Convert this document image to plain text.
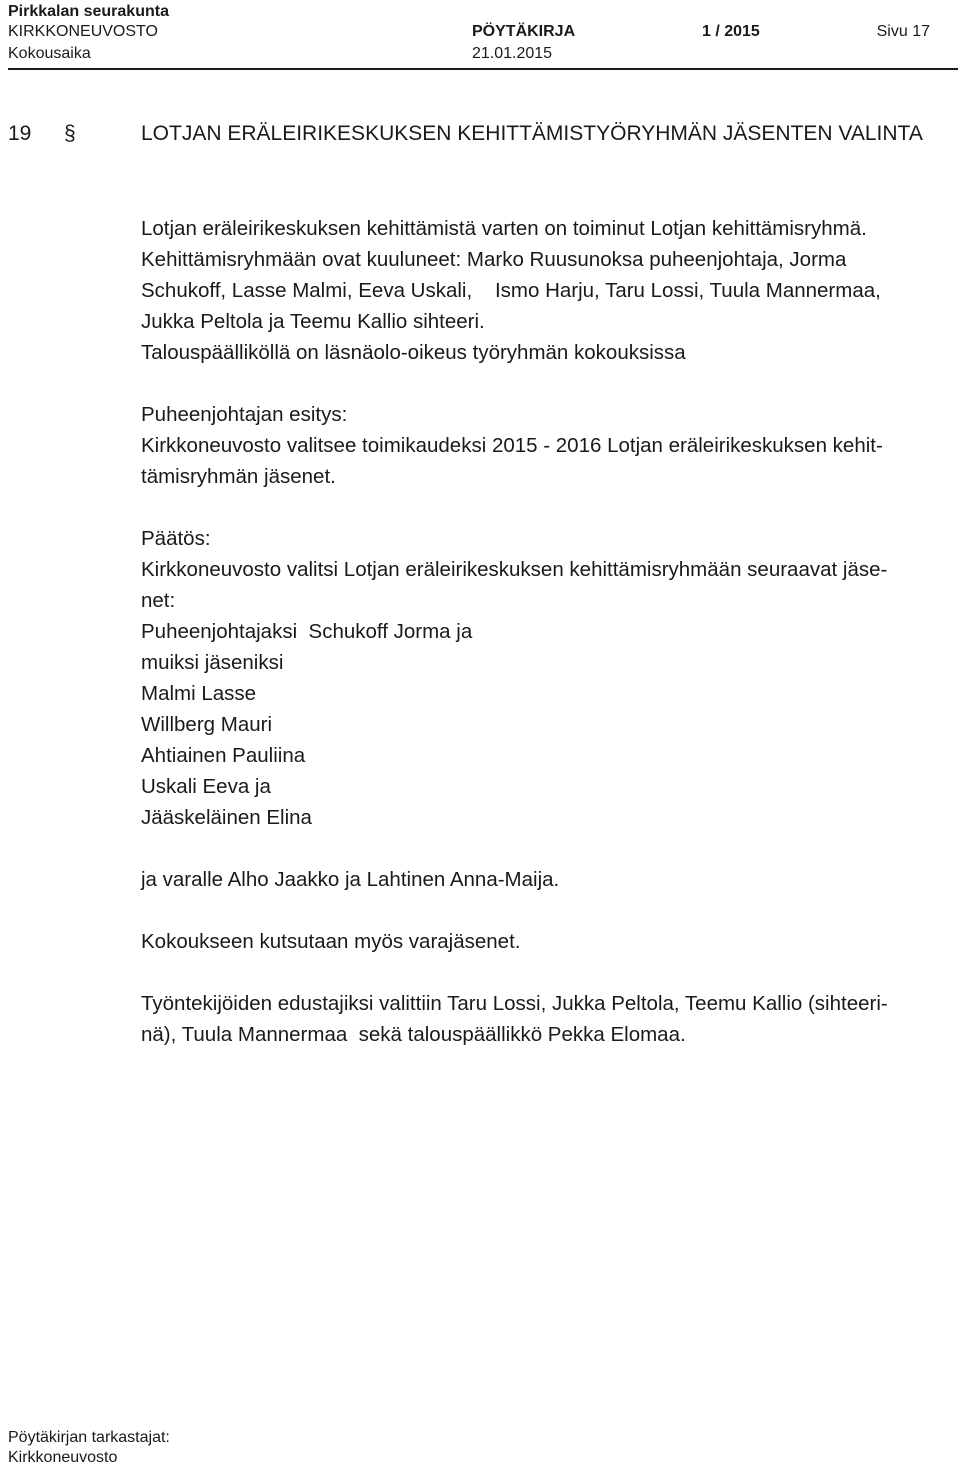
Pirkkalan seurakunta
KIRKKONEUVOSTO	PÖYTÄKIRJA	1 / 2015	Sivu 17
Kokousaika	21.01.2015
19 §	LOTJAN ERÄLEIRIKESKUKSEN KEHITTÄMISTYÖRYHMÄN JÄSENTEN VALINTA

Lotjan eräleirikeskuksen kehittämistä varten on toiminut Lotjan kehittämisryhmä.

Kehittämisryhmään ovat kuuluneet: Marko Ruusunoksa puheenjohtaja, Jorma

Schukoff, Lasse Malmi, Eeva Uskali,    Ismo Harju, Taru Lossi, Tuula Mannermaa,

Jukka Peltola ja Teemu Kallio sihteeri.

Talouspäälliköllä on läsnäolo-oikeus työryhmän kokouksissa

Puheenjohtajan esitys:

Kirkkoneuvosto valitsee toimikaudeksi 2015 - 2016 Lotjan eräleirikeskuksen kehit-

tämisryhmän jäsenet.

Päätös:

Kirkkoneuvosto valitsi Lotjan eräleirikeskuksen kehittämisryhmään seuraavat jäse-

net:

Puheenjohtajaksi  Schukoff Jorma ja

muiksi jäseniksi

Malmi Lasse

Willberg Mauri

Ahtiainen Pauliina

Uskali Eeva ja

Jääskeläinen Elina

ja varalle Alho Jaakko ja Lahtinen Anna-Maija.

Kokoukseen kutsutaan myös varajäsenet.

Työntekijöiden edustajiksi valittiin Taru Lossi, Jukka Peltola, Teemu Kallio (sihteeri-

nä), Tuula Mannermaa  sekä talouspäällikkö Pekka Elomaa.

Pöytäkirjan tarkastajat:
Kirkkoneuvosto
